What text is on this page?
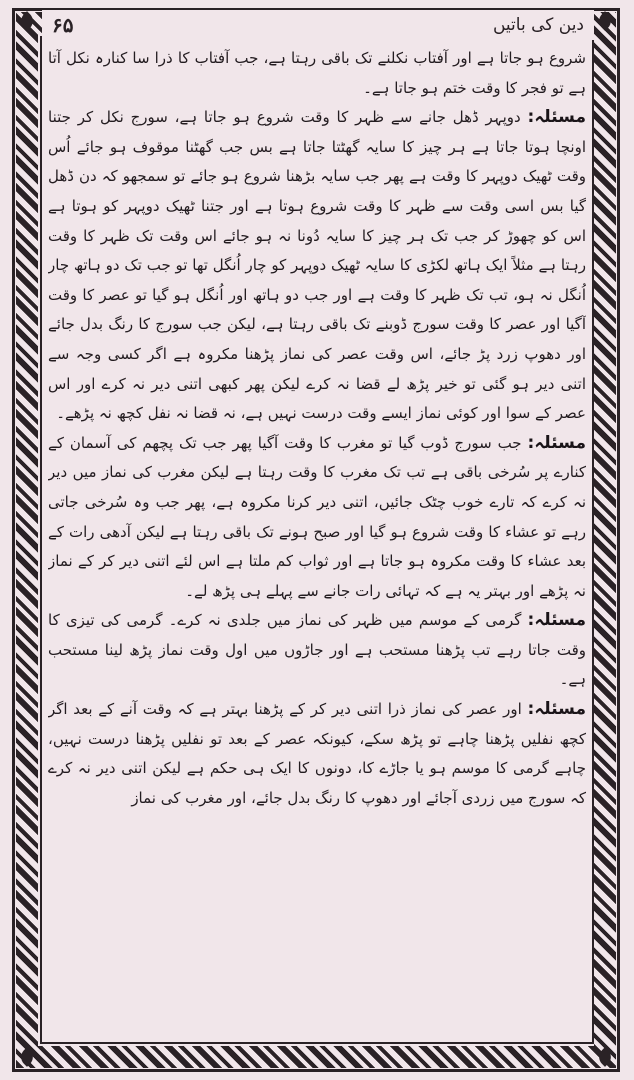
۶۵	دین کی باتیں

شروع ہو جاتا ہے اور آفتاب نکلنے تک باقی رہتا ہے، جب آفتاب کا ذرا سا کنارہ نکل آتا ہے تو فجر کا وقت ختم ہو جاتا ہے۔

مسئلہ: دوپہر ڈھل جانے سے ظہر کا وقت شروع ہو جاتا ہے، سورج نکل کر جتنا اونچا ہوتا جاتا ہے ہر چیز کا سایہ گھٹتا جاتا ہے بس جب گھٹنا موقوف ہو جائے اُس وقت ٹھیک دوپہر کا وقت ہے پھر جب سایہ بڑھنا شروع ہو جائے تو سمجھو کہ دن ڈھل گیا بس اسی وقت سے ظہر کا وقت شروع ہوتا ہے اور جتنا ٹھیک دوپہر کو ہوتا ہے اس کو چھوڑ کر جب تک ہر چیز کا سایہ دُونا نہ ہو جائے اس وقت تک ظہر کا وقت رہتا ہے مثلاً ایک ہاتھ لکڑی کا سایہ ٹھیک دوپہر کو چار اُنگل تھا تو جب تک دو ہاتھ چار اُنگل نہ ہو، تب تک ظہر کا وقت ہے اور جب دو ہاتھ اور اُنگل ہو گیا تو عصر کا وقت آگیا اور عصر کا وقت سورج ڈوبنے تک باقی رہتا ہے، لیکن جب سورج کا رنگ بدل جائے اور دھوپ زرد پڑ جائے، اس وقت عصر کی نماز پڑھنا مکروہ ہے اگر کسی وجہ سے اتنی دیر ہو گئی تو خیر پڑھ لے قضا نہ کرے لیکن پھر کبھی اتنی دیر نہ کرے اور اس عصر کے سوا اور کوئی نماز ایسے وقت درست نہیں ہے، نہ قضا نہ نفل کچھ نہ پڑھے۔

مسئلہ: جب سورج ڈوب گیا تو مغرب کا وقت آگیا پھر جب تک پچھم کی آسمان کے کنارے پر سُرخی باقی ہے تب تک مغرب کا وقت رہتا ہے لیکن مغرب کی نماز میں دیر نہ کرے کہ تارے خوب چٹک جائیں، اتنی دیر کرنا مکروہ ہے، پھر جب وہ سُرخی جاتی رہے تو عشاء کا وقت شروع ہو گیا اور صبح ہونے تک باقی رہتا ہے لیکن آدھی رات کے بعد عشاء کا وقت مکروہ ہو جاتا ہے اور ثواب کم ملتا ہے اس لئے اتنی دیر کر کے نماز نہ پڑھے اور بہتر یہ ہے کہ تہائی رات جانے سے پہلے ہی پڑھ لے۔

مسئلہ: گرمی کے موسم میں ظہر کی نماز میں جلدی نہ کرے۔ گرمی کی تیزی کا وقت جاتا رہے تب پڑھنا مستحب ہے اور جاڑوں میں اول وقت نماز پڑھ لینا مستحب ہے۔

مسئلہ: اور عصر کی نماز ذرا اتنی دیر کر کے پڑھنا بہتر ہے کہ وقت آنے کے بعد اگر کچھ نفلیں پڑھنا چاہے تو پڑھ سکے، کیونکہ عصر کے بعد تو نفلیں پڑھنا درست نہیں، چاہے گرمی کا موسم ہو یا جاڑے کا، دونوں کا ایک ہی حکم ہے لیکن اتنی دیر نہ کرے کہ سورج میں زردی آجائے اور دھوپ کا رنگ بدل جائے، اور مغرب کی نماز
